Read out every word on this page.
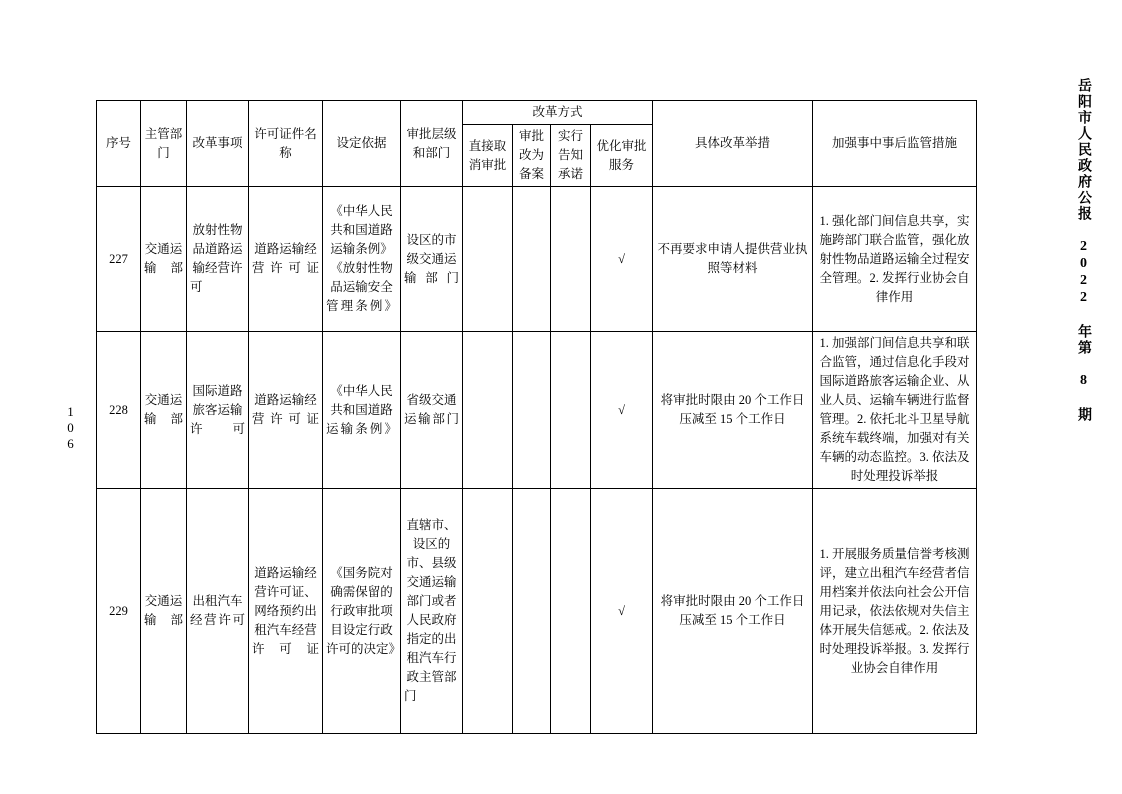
岳阳市人民政府公报 2022 年第 8 期
106
序号	主管部门	改革事项	许可证件名称	设定依据	审批层级和部门	改革方式				具体改革举措	加强事中事后监管措施
						直接取消审批	审批改为备案	实行告知承诺	优化审批服务		
227	交通运输部	放射性物品道路运输经营许可	道路运输经营许可证	《中华人民共和国道路运输条例》《放射性物品运输安全管理条例》	设区的市级交通运输部门				√	不再要求申请人提供营业执照等材料	1. 强化部门间信息共享，实施跨部门联合监管，强化放射性物品道路运输全过程安全管理。2. 发挥行业协会自律作用
228	交通运输部	国际道路旅客运输许可	道路运输经营许可证	《中华人民共和国道路运输条例》	省级交通运输部门				√	将审批时限由 20 个工作日压减至 15 个工作日	1. 加强部门间信息共享和联合监管，通过信息化手段对国际道路旅客运输企业、从业人员、运输车辆进行监督管理。2. 依托北斗卫星导航系统车载终端，加强对有关车辆的动态监控。3. 依法及时处理投诉举报
229	交通运输部	出租汽车经营许可	道路运输经营许可证、网络预约出租汽车经营许可证	《国务院对确需保留的行政审批项目设定行政许可的决定》	直辖市、设区的市、县级交通运输部门或者人民政府指定的出租汽车行政主管部门				√	将审批时限由 20 个工作日压减至 15 个工作日	1. 开展服务质量信誉考核测评，建立出租汽车经营者信用档案并依法向社会公开信用记录，依法依规对失信主体开展失信惩戒。2. 依法及时处理投诉举报。3. 发挥行业协会自律作用
